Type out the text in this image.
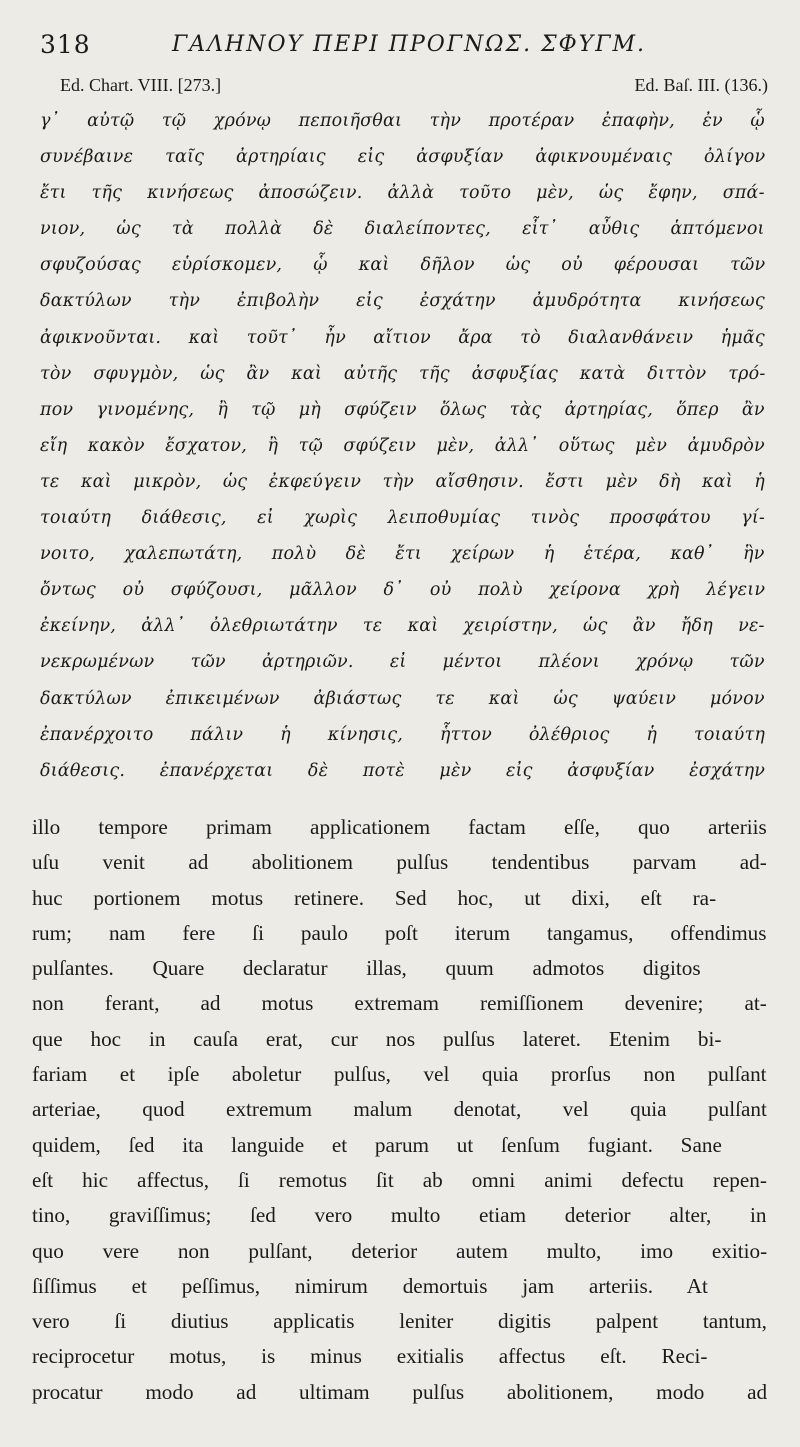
318	ΓΑΛΗΝΟΥ ΠΕΡΙ ΠΡΟΓΝΩΣ. ΣΦΥΓΜ.
Ed. Chart. VIII. [273.]	Ed. Baſ. III. (136.)
γ᾽ αὐτῷ τῷ χρόνῳ πεποιῆσθαι τὴν προτέραν ἐπαφὴν, ἐν ᾧ
συνέβαινε ταῖς ἀρτηρίαις εἰς ἀσφυξίαν ἀφικνουμέναις ὀλίγον
ἔτι τῆς κινήσεως ἀποσώζειν. ἀλλὰ τοῦτο μὲν, ὡς ἔφην, σπά-
νιον, ὡς τὰ πολλὰ δὲ διαλείποντες, εἶτ᾽ αὖθις ἁπτόμενοι
σφυζούσας εὑρίσκομεν, ᾧ καὶ δῆλον ὡς οὐ φέρουσαι τῶν
δακτύλων τὴν ἐπιβολὴν εἰς ἐσχάτην ἀμυδρότητα κινήσεως
ἀφικνοῦνται. καὶ τοῦτ᾽ ἦν αἴτιον ἄρα τὸ διαλανθάνειν ἡμᾶς
τὸν σφυγμὸν, ὡς ἂν καὶ αὐτῆς τῆς ἀσφυξίας κατὰ διττὸν τρό-
πον γινομένης, ἢ τῷ μὴ σφύζειν ὅλως τὰς ἀρτηρίας, ὅπερ ἂν
εἴη κακὸν ἔσχατον, ἢ τῷ σφύζειν μὲν, ἀλλ᾽ οὕτως μὲν ἀμυδρὸν
τε καὶ μικρὸν, ὡς ἐκφεύγειν τὴν αἴσθησιν. ἔστι μὲν δὴ καὶ ἡ
τοιαύτη διάθεσις, εἰ χωρὶς λειποθυμίας τινὸς προσφάτου γί-
νοιτο, χαλεπωτάτη, πολὺ δὲ ἔτι χείρων ἡ ἑτέρα, καθ᾽ ἣν
ὄντως οὐ σφύζουσι, μᾶλλον δ᾽ οὐ πολὺ χείρονα χρὴ λέγειν
ἐκείνην, ἀλλ᾽ ὀλεθριωτάτην τε καὶ χειρίστην, ὡς ἂν ἤδη νε-
νεκρωμένων τῶν ἀρτηριῶν. εἰ μέντοι πλέονι χρόνῳ τῶν
δακτύλων ἐπικειμένων ἀβιάστως τε καὶ ὡς ψαύειν μόνον
ἐπανέρχοιτο πάλιν ἡ κίνησις, ἧττον ὀλέθριος ἡ τοιαύτη
διάθεσις. ἐπανέρχεται δὲ ποτὲ μὲν εἰς ἀσφυξίαν ἐσχάτην
illo tempore primam applicationem factam eſſe, quo arteriis
uſu venit ad abolitionem pulſus tendentibus parvam ad-
huc portionem motus retinere. Sed hoc, ut dixi, eſt ra-
rum; nam fere ſi paulo poſt iterum tangamus, offendimus
pulſantes. Quare declaratur illas, quum admotos digitos
non ferant, ad motus extremam remiſſionem devenire; at-
que hoc in cauſa erat, cur nos pulſus lateret. Etenim bi-
fariam et ipſe aboletur pulſus, vel quia prorſus non pulſant
arteriae, quod extremum malum denotat, vel quia pulſant
quidem, ſed ita languide et parum ut ſenſum fugiant. Sane
eſt hic affectus, ſi remotus ſit ab omni animi defectu repen-
tino, graviſſimus; ſed vero multo etiam deterior alter, in
quo vere non pulſant, deterior autem multo, imo exitio-
ſiſſimus et peſſimus, nimirum demortuis jam arteriis. At
vero ſi diutius applicatis leniter digitis palpent tantum,
reciprocetur motus, is minus exitialis affectus eſt. Reci-
procatur modo ad ultimam pulſus abolitionem, modo ad
